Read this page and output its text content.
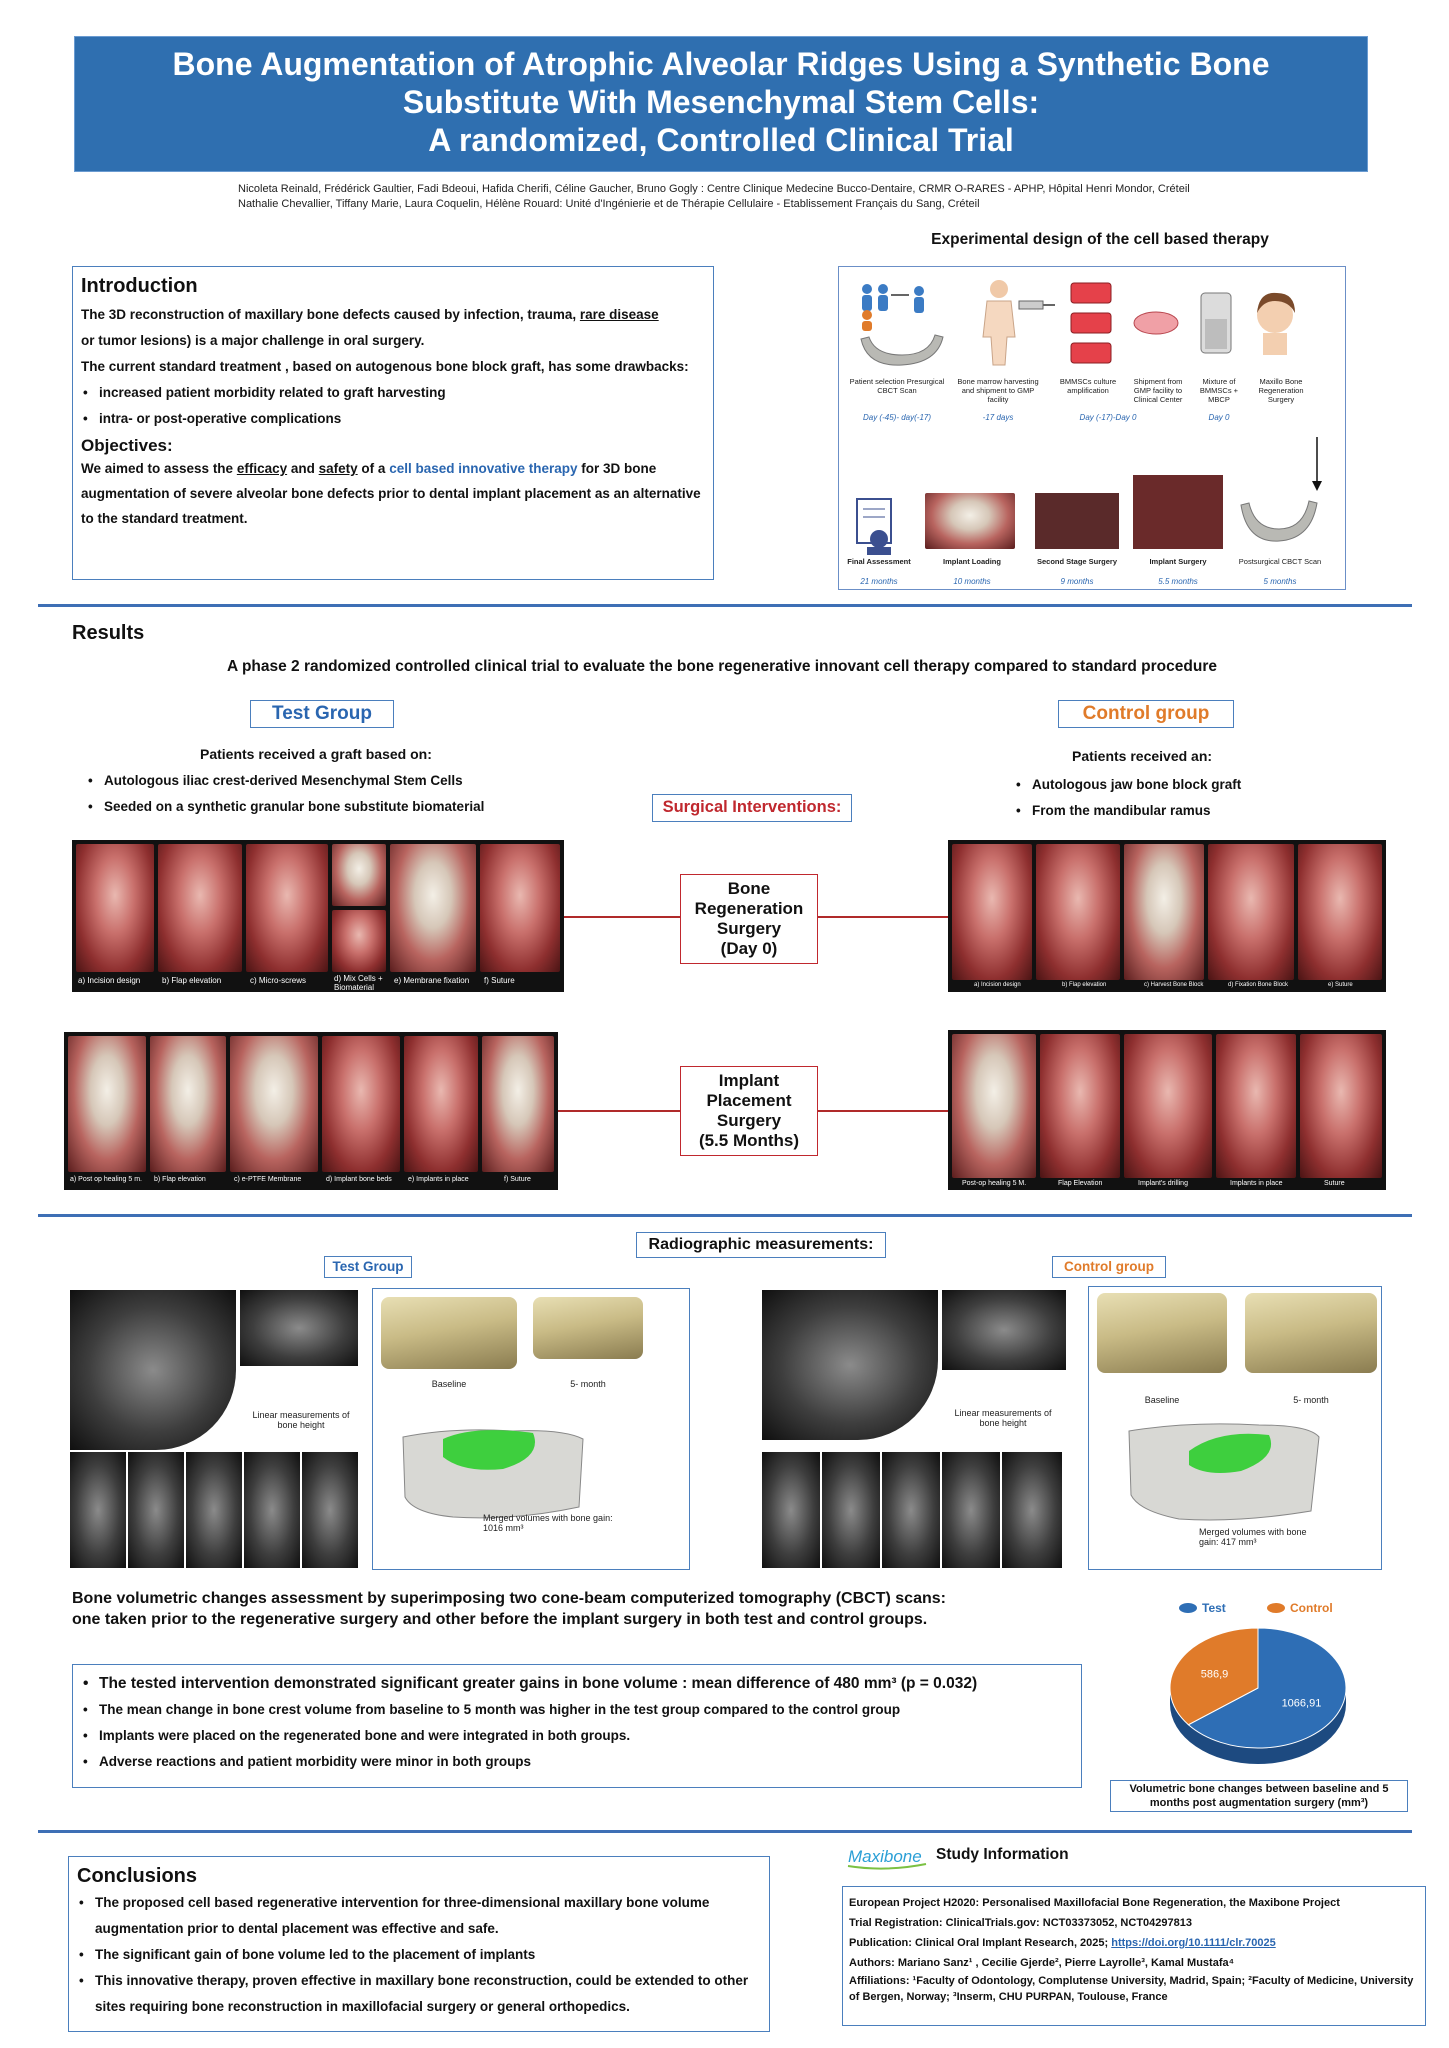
Bone Augmentation of Atrophic Alveolar Ridges Using a Synthetic Bone
Substitute With Mesenchymal Stem Cells:
A randomized, Controlled Clinical Trial
Nicoleta Reinald, Frédérick Gaultier, Fadi Bdeoui, Hafida Cherifi, Céline Gaucher, Bruno Gogly : Centre Clinique Medecine Bucco-Dentaire, CRMR O-RARES - APHP, Hôpital Henri Mondor, Créteil
Nathalie Chevallier, Tiffany Marie, Laura Coquelin, Hélène Rouard: Unité d'Ingénierie et de Thérapie Cellulaire - Etablissement Français du Sang, Créteil
Introduction
The 3D reconstruction of maxillary bone defects caused by infection, trauma, rare disease
or tumor lesions) is a major challenge in oral surgery.
The current standard treatment , based on autogenous bone block graft, has some drawbacks:
• increased patient morbidity related to graft harvesting
• intra- or post-operative complications
Objectives:
We aimed to assess the efficacy and safety of a cell based innovative therapy for 3D bone augmentation of severe alveolar bone defects prior to dental implant placement as an alternative to the standard treatment.
Experimental design of the cell based therapy
Patient selection Presurgical CBCT Scan
Bone marrow harvesting and shipment to GMP facility
BMMSCs culture amplification
Shipment from GMP facility to Clinical Center
Mixture of BMMSCs + MBCP
Maxillo Bone Regeneration Surgery
Day (-45)- day(-17)	-17 days	Day (-17)-Day 0	Day 0
Final Assessment	Implant Loading	Second Stage Surgery	Implant Surgery	Postsurgical CBCT Scan
21 months	10 months	9 months	5.5 months	5 months
Results
A phase 2 randomized controlled clinical trial to evaluate the bone regenerative innovant cell therapy compared to standard procedure
Test Group
Patients received a graft based on:
• Autologous iliac crest-derived Mesenchymal Stem Cells
• Seeded on a synthetic granular bone substitute biomaterial
Control group
Patients received an:
• Autologous jaw bone block graft
• From the mandibular ramus
Surgical Interventions:
a) Incision design	b) Flap elevation	c) Micro-screws	d) Mix Cells +
Biomaterial
e) Membrane fixation f) Suture
Bone
Regeneration
Surgery
(Day 0)
a) Incision design	b) Flap elevation	c) Harvest Bone Block	d) Fixation Bone Block	e) Suture
a) Post op healing 5 m. b) Flap elevation	c) e-PTFE Membrane	d) Implant bone beds e) Implants in place	f) Suture
Implant
Placement
Surgery
(5.5 Months)
Post-op healing 5 M.	Flap Elevation	Implant's drilling	Implants in place	Suture
Radiographic measurements:
Test Group	Control group
Linear measurements of bone height
Baseline	5- month
Merged volumes with bone gain: 1016 mm³
Linear measurements of bone height
Baseline	5- month
Merged volumes with bone gain: 417 mm³
Bone volumetric changes assessment by superimposing two cone-beam computerized tomography (CBCT) scans:
one taken prior to the regenerative surgery and other before the implant surgery in both test and control groups.
• The tested intervention demonstrated significant greater gains in bone volume : mean difference of 480 mm³ (p = 0.032)
• The mean change in bone crest volume from baseline to 5 month was higher in the test group compared to the control group
• Implants were placed on the regenerated bone and were integrated in both groups.
• Adverse reactions and patient morbidity were minor in both groups
Test	Control
1066,91
586,9
Volumetric bone changes between baseline and 5 months post augmentation surgery (mm³)
Conclusions
• The proposed cell based regenerative intervention for three-dimensional maxillary bone volume augmentation prior to dental placement was effective and safe.
• The significant gain of bone volume led to the placement of implants
• This innovative therapy, proven effective in maxillary bone reconstruction, could be extended to other sites requiring bone reconstruction in maxillofacial surgery or general orthopedics.
Maxibone Study Information

European Project H2020: Personalised Maxillofacial Bone Regeneration, the Maxibone Project

Trial Registration: ClinicalTrials.gov: NCT03373052, NCT04297813

Publication: Clinical Oral Implant Research, 2025; https://doi.org/10.1111/clr.70025

Authors: Mariano Sanz¹ , Cecilie Gjerde², Pierre Layrolle³, Kamal Mustafa⁴

Affiliations: ¹Faculty of Odontology, Complutense University, Madrid, Spain; ²Faculty of Medicine, University of Bergen, Norway; ³Inserm, CHU PURPAN, Toulouse, France
